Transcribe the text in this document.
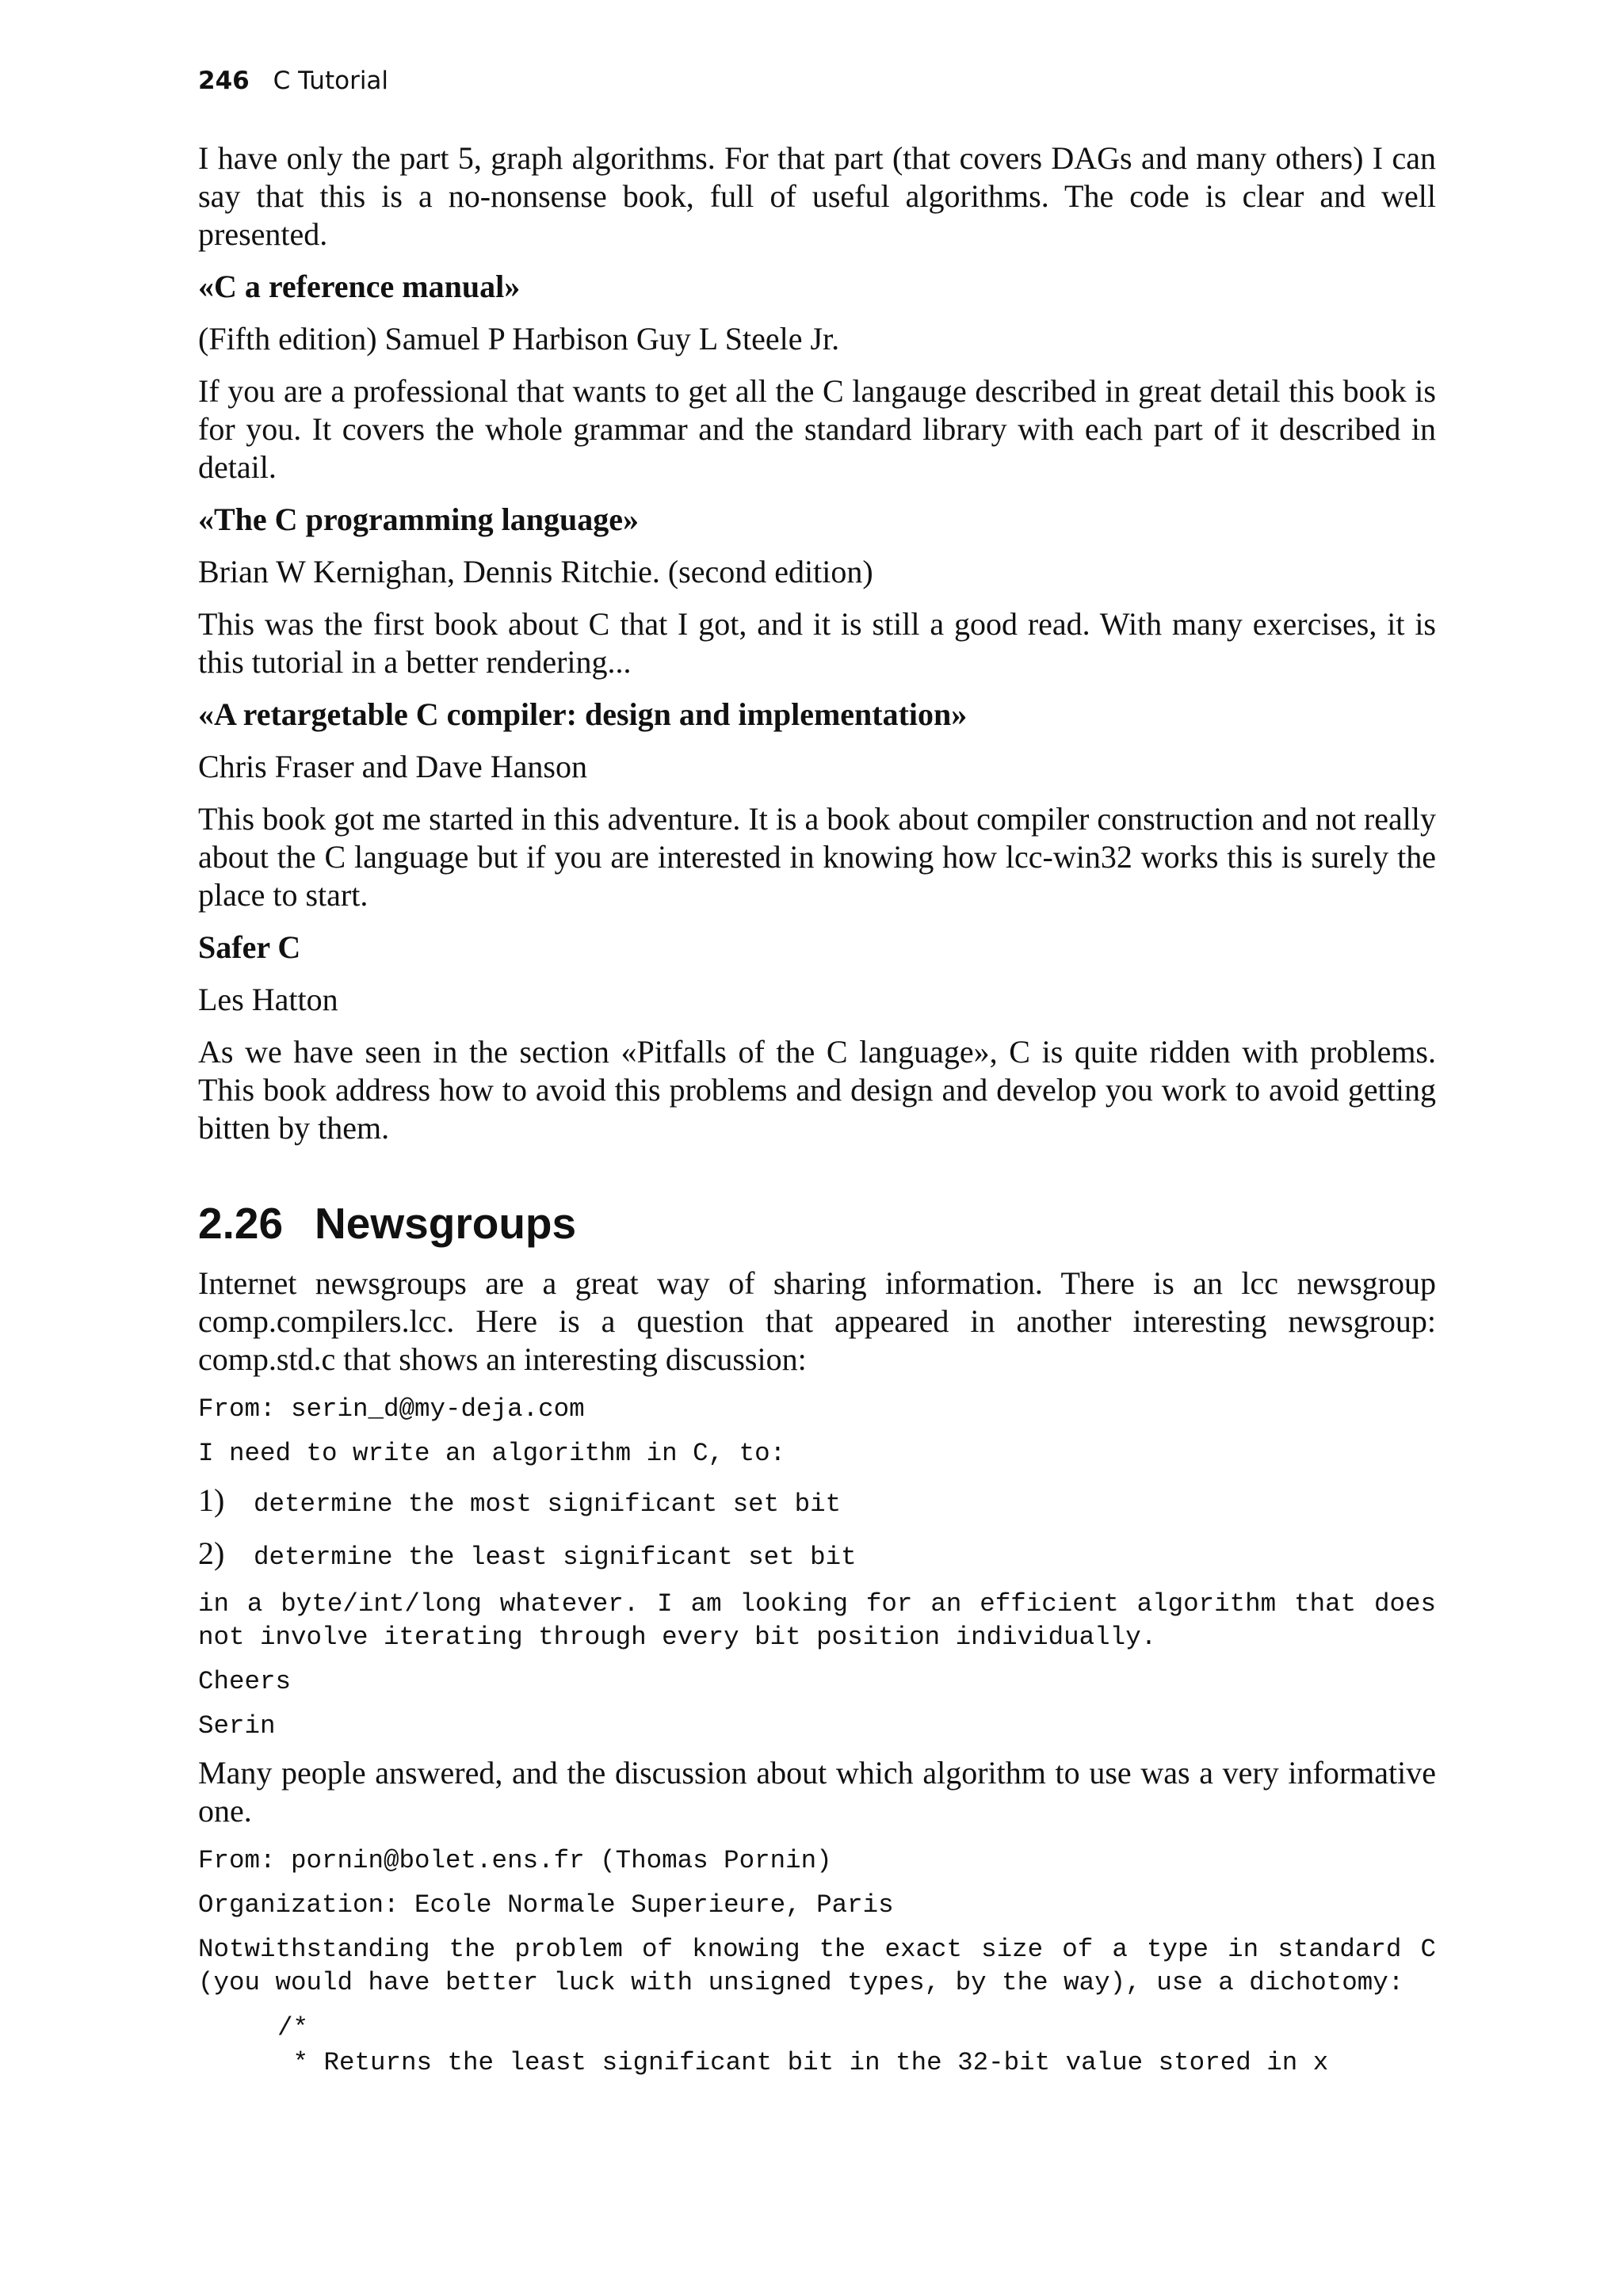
246 C Tutorial

I have only the part 5, graph algorithms. For that part (that covers DAGs and many others) I can say that this is a no-nonsense book, full of useful algorithms. The code is clear and well presented.

«C a reference manual»

(Fifth edition) Samuel P Harbison Guy L Steele Jr.

If you are a professional that wants to get all the C langauge described in great detail this book is for you. It covers the whole grammar and the standard library with each part of it described in detail.

«The C programming language»

Brian W Kernighan, Dennis Ritchie. (second edition)

This was the first book about C that I got, and it is still a good read. With many exercises, it is this tutorial in a better rendering...

«A retargetable C compiler: design and implementation»

Chris Fraser and Dave Hanson

This book got me started in this adventure. It is a book about compiler construction and not really about the C language but if you are interested in knowing how lcc-win32 works this is surely the place to start.

Safer C

Les Hatton

As we have seen in the section «Pitfalls of the C language», C is quite ridden with problems. This book address how to avoid this problems and design and develop you work to avoid getting bitten by them.

2.26 Newsgroups

Internet newsgroups are a great way of sharing information. There is an lcc newsgroup comp.compilers.lcc. Here is a question that appeared in another interesting newsgroup: comp.std.c that shows an interesting discussion:

From: serin_d@my-deja.com

I need to write an algorithm in C, to:

1)	determine the most significant set bit
2)	determine the least significant set bit

in a byte/int/long whatever. I am looking for an efficient algorithm that does not involve iterating through every bit position individually.

Cheers

Serin

Many people answered, and the discussion about which algorithm to use was a very informative one.

From: pornin@bolet.ens.fr (Thomas Pornin)

Organization: Ecole Normale Superieure, Paris

Notwithstanding the problem of knowing the exact size of a type in standard C (you would have better luck with unsigned types, by the way), use a dichotomy:

/*
* Returns the least significant bit in the 32-bit value stored in x
